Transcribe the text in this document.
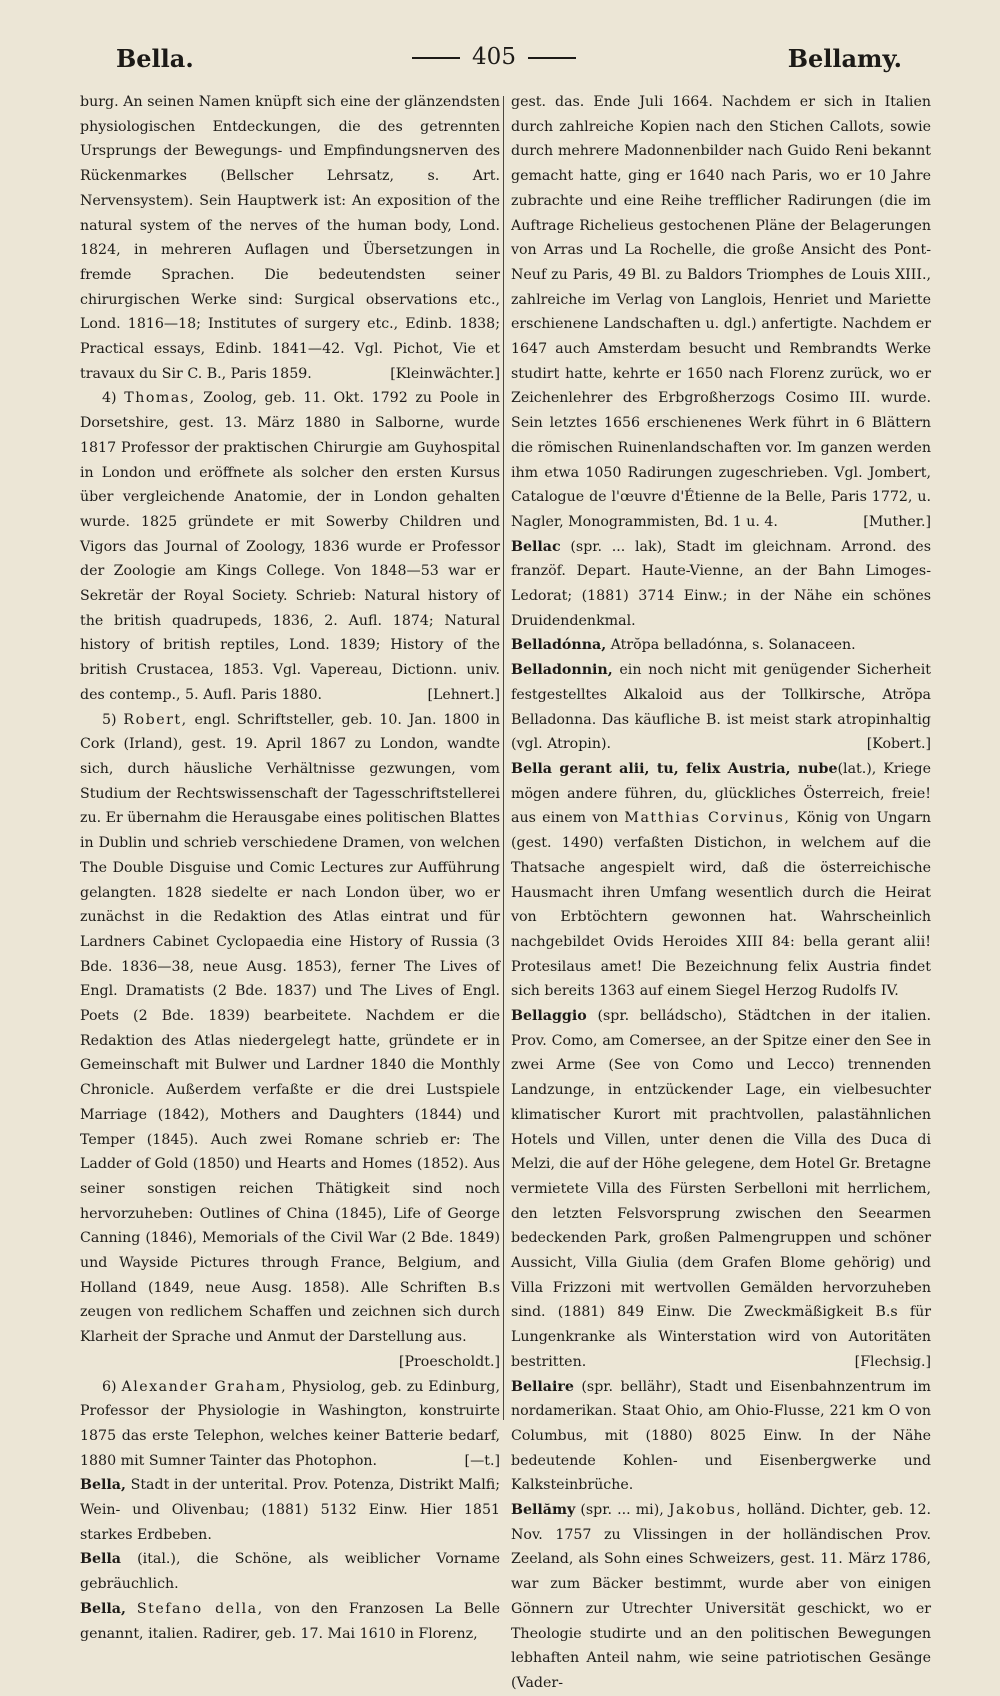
Bella.	405	Bellamy.

burg. An seinen Namen knüpft sich eine der glänzendsten physiologischen Entdeckungen, die des getrennten Ursprungs der Bewegungs- und Empfindungsnerven des Rückenmarkes (Bellscher Lehrsatz, s. Art. Nervensystem). Sein Hauptwerk ist: An exposition of the natural system of the nerves of the human body, Lond. 1824, in mehreren Auflagen und Übersetzungen in fremde Sprachen. Die bedeutendsten seiner chirurgischen Werke sind: Surgical observations etc., Lond. 1816—18; Institutes of surgery etc., Edinb. 1838; Practical essays, Edinb. 1841—42. Vgl. Pichot, Vie et travaux du Sir C. B., Paris 1859.	[Kleinwächter.]

4) Thomas, Zoolog, geb. 11. Okt. 1792 zu Poole in Dorsetshire, gest. 13. März 1880 in Salborne, wurde 1817 Professor der praktischen Chirurgie am Guyhospital in London und eröffnete als solcher den ersten Kursus über vergleichende Anatomie, der in London gehalten wurde. 1825 gründete er mit Sowerby Children und Vigors das Journal of Zoology, 1836 wurde er Professor der Zoologie am Kings College. Von 1848—53 war er Sekretär der Royal Society. Schrieb: Natural history of the british quadrupeds, 1836, 2. Aufl. 1874; Natural history of british reptiles, Lond. 1839; History of the british Crustacea, 1853. Vgl. Vapereau, Dictionn. univ. des contemp., 5. Aufl. Paris 1880.	[Lehnert.]

5) Robert, engl. Schriftsteller, geb. 10. Jan. 1800 in Cork (Irland), gest. 19. April 1867 zu London, wandte sich, durch häusliche Verhältnisse gezwungen, vom Studium der Rechtswissenschaft der Tagesschriftstellerei zu. Er übernahm die Herausgabe eines politischen Blattes in Dublin und schrieb verschiedene Dramen, von welchen The Double Disguise und Comic Lectures zur Aufführung gelangten. 1828 siedelte er nach London über, wo er zunächst in die Redaktion des Atlas eintrat und für Lardners Cabinet Cyclopaedia eine History of Russia (3 Bde. 1836—38, neue Ausg. 1853), ferner The Lives of Engl. Dramatists (2 Bde. 1837) und The Lives of Engl. Poets (2 Bde. 1839) bearbeitete. Nachdem er die Redaktion des Atlas niedergelegt hatte, gründete er in Gemeinschaft mit Bulwer und Lardner 1840 die Monthly Chronicle. Außerdem verfaßte er die drei Lustspiele Marriage (1842), Mothers and Daughters (1844) und Temper (1845). Auch zwei Romane schrieb er: The Ladder of Gold (1850) und Hearts and Homes (1852). Aus seiner sonstigen reichen Thätigkeit sind noch hervorzuheben: Outlines of China (1845), Life of George Canning (1846), Memorials of the Civil War (2 Bde. 1849) und Wayside Pictures through France, Belgium, and Holland (1849, neue Ausg. 1858). Alle Schriften B.s zeugen von redlichem Schaffen und zeichnen sich durch Klarheit der Sprache und Anmut der Darstellung aus.
[Proescholdt.]

6) Alexander Graham, Physiolog, geb. zu Edinburg, Professor der Physiologie in Washington, konstruirte 1875 das erste Telephon, welches keiner Batterie bedarf, 1880 mit Sumner Tainter das Photophon.	[—t.]

Bella, Stadt in der unterital. Prov. Potenza, Distrikt Malfi; Wein- und Olivenbau; (1881) 5132 Einw. Hier 1851 starkes Erdbeben.

Bella (ital.), die Schöne, als weiblicher Vorname gebräuchlich.

Bella, Stefano della, von den Franzosen La Belle genannt, italien. Radirer, geb. 17. Mai 1610 in Florenz,

gest. das. Ende Juli 1664. Nachdem er sich in Italien durch zahlreiche Kopien nach den Stichen Callots, sowie durch mehrere Madonnenbilder nach Guido Reni bekannt gemacht hatte, ging er 1640 nach Paris, wo er 10 Jahre zubrachte und eine Reihe trefflicher Radirungen (die im Auftrage Richelieus gestochenen Pläne der Belagerungen von Arras und La Rochelle, die große Ansicht des Pont-Neuf zu Paris, 49 Bl. zu Baldors Triomphes de Louis XIII., zahlreiche im Verlag von Langlois, Henriet und Mariette erschienene Landschaften u. dgl.) anfertigte. Nachdem er 1647 auch Amsterdam besucht und Rembrandts Werke studirt hatte, kehrte er 1650 nach Florenz zurück, wo er Zeichenlehrer des Erbgroßherzogs Cosimo III. wurde. Sein letztes 1656 erschienenes Werk führt in 6 Blättern die römischen Ruinenlandschaften vor. Im ganzen werden ihm etwa 1050 Radirungen zugeschrieben. Vgl. Jombert, Catalogue de l'œuvre d'Étienne de la Belle, Paris 1772, u. Nagler, Monogrammisten, Bd. 1 u. 4.	[Muther.]

Bellac (spr. ... lak), Stadt im gleichnam. Arrond. des franzöf. Depart. Haute-Vienne, an der Bahn Limoges-Ledorat; (1881) 3714 Einw.; in der Nähe ein schönes Druidendenkmal.

Belladónna, Atrŏpa belladónna, s. Solanaceen.

Belladonnin, ein noch nicht mit genügender Sicherheit festgestelltes Alkaloid aus der Tollkirsche, Atrŏpa Belladonna. Das käufliche B. ist meist stark atropinhaltig (vgl. Atropin).	[Kobert.]

Bella gerant alii, tu, felix Austria, nube(lat.), Kriege mögen andere führen, du, glückliches Österreich, freie! aus einem von Matthias Corvinus, König von Ungarn (gest. 1490) verfaßten Distichon, in welchem auf die Thatsache angespielt wird, daß die österreichische Hausmacht ihren Umfang wesentlich durch die Heirat von Erbtöchtern gewonnen hat. Wahrscheinlich nachgebildet Ovids Heroides XIII 84: bella gerant alii! Protesilaus amet! Die Bezeichnung felix Austria findet sich bereits 1363 auf einem Siegel Herzog Rudolfs IV.

Bellaggio (spr. belládscho), Städtchen in der italien. Prov. Como, am Comersee, an der Spitze einer den See in zwei Arme (See von Como und Lecco) trennenden Landzunge, in entzückender Lage, ein vielbesuchter klimatischer Kurort mit prachtvollen, palastähnlichen Hotels und Villen, unter denen die Villa des Duca di Melzi, die auf der Höhe gelegene, dem Hotel Gr. Bretagne vermietete Villa des Fürsten Serbelloni mit herrlichem, den letzten Felsvorsprung zwischen den Seearmen bedeckenden Park, großen Palmengruppen und schöner Aussicht, Villa Giulia (dem Grafen Blome gehörig) und Villa Frizzoni mit wertvollen Gemälden hervorzuheben sind. (1881) 849 Einw. Die Zweckmäßigkeit B.s für Lungenkranke als Winterstation wird von Autoritäten bestritten.	[Flechsig.]

Bellaire (spr. bellähr), Stadt und Eisenbahnzentrum im nordamerikan. Staat Ohio, am Ohio-Flusse, 221 km O von Columbus, mit (1880) 8025 Einw. In der Nähe bedeutende Kohlen- und Eisenbergwerke und Kalksteinbrüche.

Bellămy (spr. ... mi), Jakobus, holländ. Dichter, geb. 12. Nov. 1757 zu Vlissingen in der holländischen Prov. Zeeland, als Sohn eines Schweizers, gest. 11. März 1786, war zum Bäcker bestimmt, wurde aber von einigen Gönnern zur Utrechter Universität geschickt, wo er Theologie studirte und an den politischen Bewegungen lebhaften Anteil nahm, wie seine patriotischen Gesänge (Vader-
